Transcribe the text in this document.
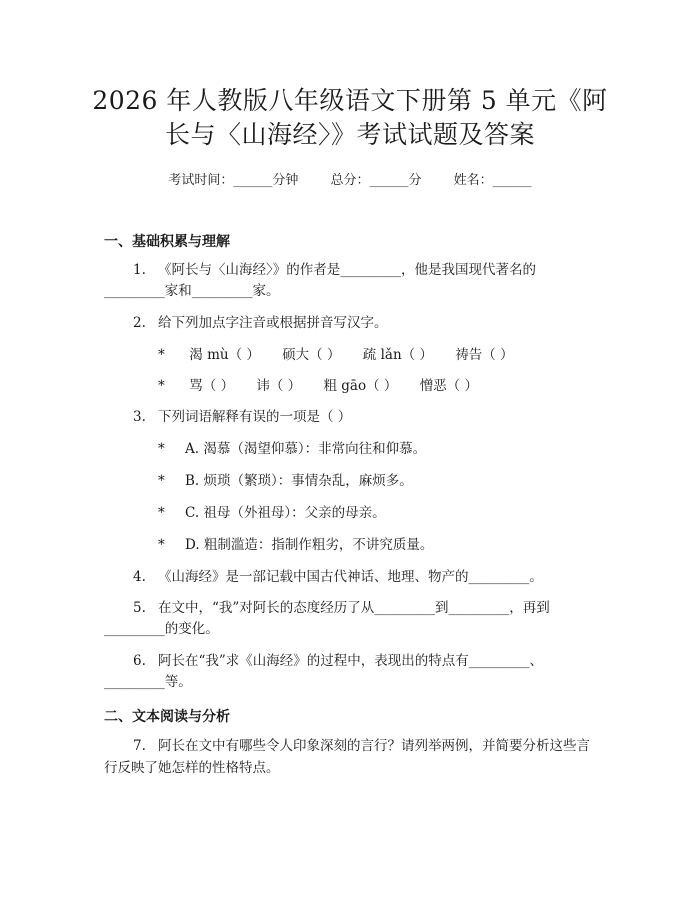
2026 年人教版八年级语文下册第 5 单元《阿
长与〈山海经〉》考试试题及答案
考试时间：______分钟 总分：______分 姓名：______
一、基础积累与理解
1. 《阿长与〈山海经〉》的作者是_________，他是我国现代著名的
_________家和_________家。
2. 给下列加点字注音或根据拼音写汉字。
* 渴 mù（ ） 硕大（ ） 疏 lǎn（ ） 祷告（ ）
* 骂（ ） 讳（ ） 粗 gāo（ ） 憎恶（ ）
3. 下列词语解释有误的一项是（ ）
* A. 渴慕（渴望仰慕）：非常向往和仰慕。
* B. 烦琐（繁琐）：事情杂乱，麻烦多。
* C. 祖母（外祖母）：父亲的母亲。
* D. 粗制滥造：指制作粗劣，不讲究质量。
4. 《山海经》是一部记载中国古代神话、地理、物产的_________。
5. 在文中，“我”对阿长的态度经历了从_________到_________，再到
_________的变化。
6. 阿长在“我”求《山海经》的过程中，表现出的特点有_________、
_________等。
二、文本阅读与分析
7. 阿长在文中有哪些令人印象深刻的言行？请列举两例，并简要分析这些言
行反映了她怎样的性格特点。
